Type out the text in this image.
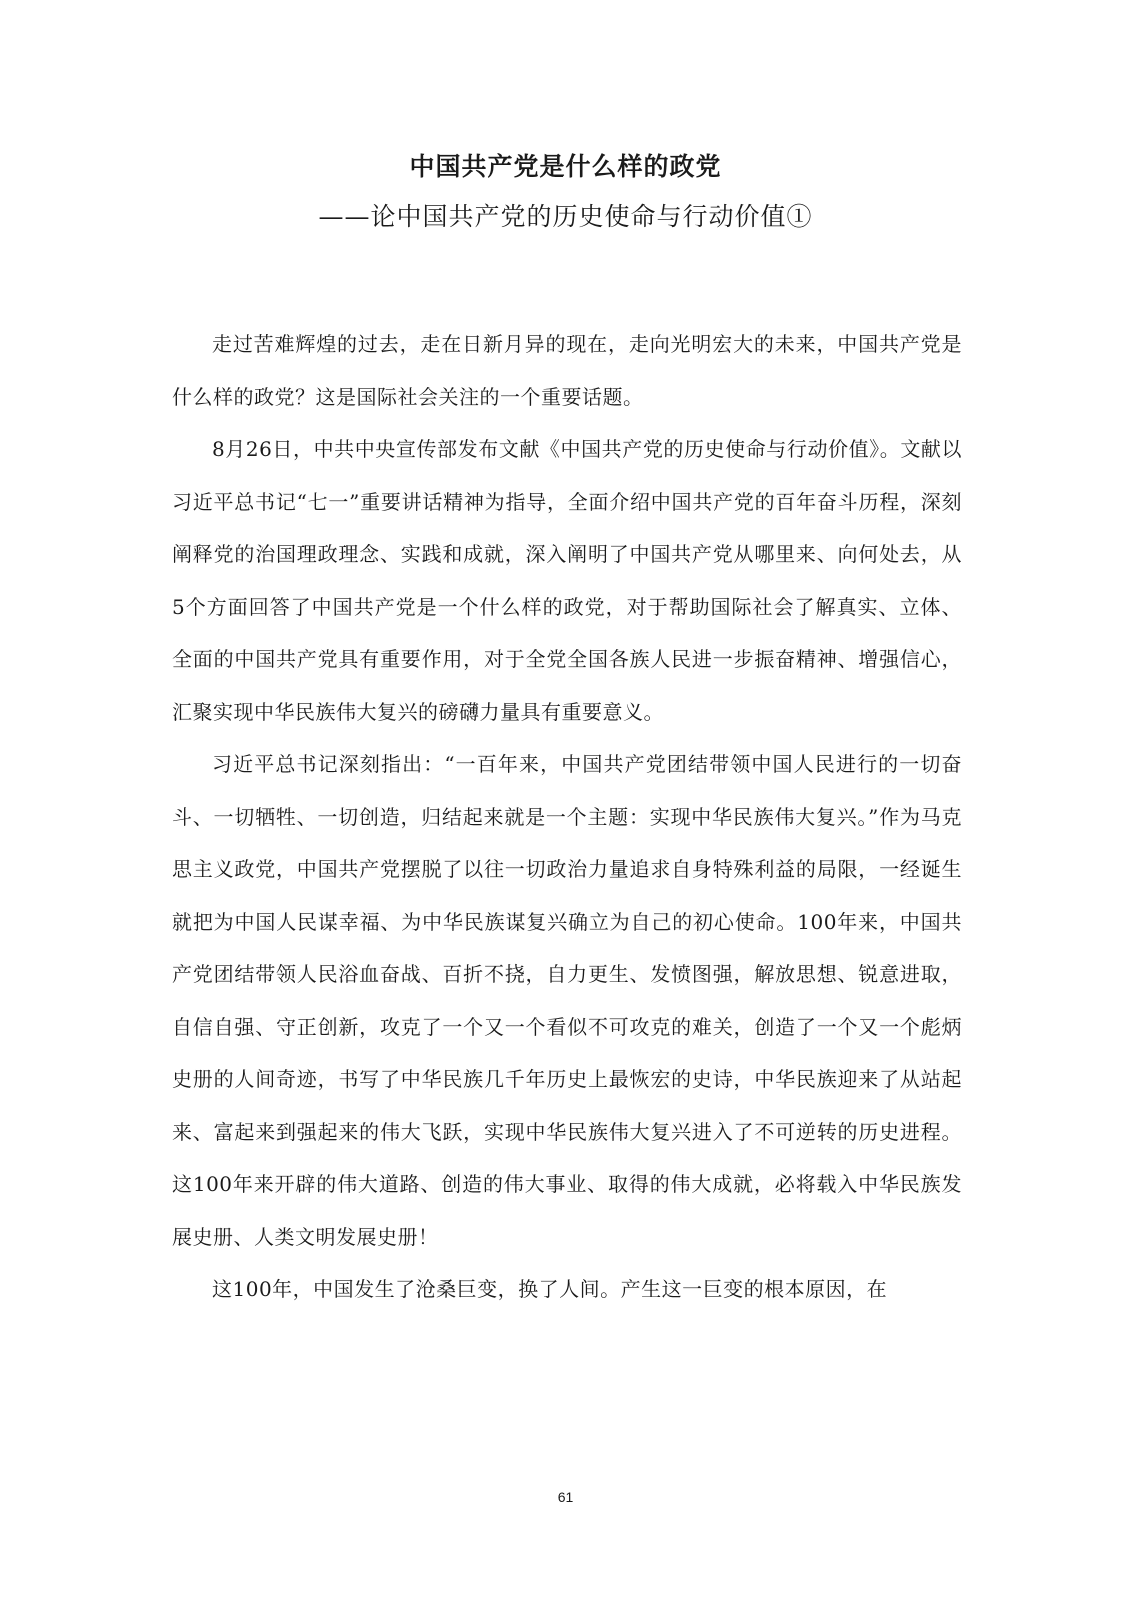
中国共产党是什么样的政党
——论中国共产党的历史使命与行动价值①

走过苦难辉煌的过去，走在日新月异的现在，走向光明宏大的未来，中国共产党是什么样的政党？这是国际社会关注的一个重要话题。

8月26日，中共中央宣传部发布文献《中国共产党的历史使命与行动价值》。文献以习近平总书记“七一”重要讲话精神为指导，全面介绍中国共产党的百年奋斗历程，深刻阐释党的治国理政理念、实践和成就，深入阐明了中国共产党从哪里来、向何处去，从5个方面回答了中国共产党是一个什么样的政党，对于帮助国际社会了解真实、立体、全面的中国共产党具有重要作用，对于全党全国各族人民进一步振奋精神、增强信心，汇聚实现中华民族伟大复兴的磅礴力量具有重要意义。

习近平总书记深刻指出：“一百年来，中国共产党团结带领中国人民进行的一切奋斗、一切牺牲、一切创造，归结起来就是一个主题：实现中华民族伟大复兴。”作为马克思主义政党，中国共产党摆脱了以往一切政治力量追求自身特殊利益的局限，一经诞生就把为中国人民谋幸福、为中华民族谋复兴确立为自己的初心使命。100年来，中国共产党团结带领人民浴血奋战、百折不挠，自力更生、发愤图强，解放思想、锐意进取，自信自强、守正创新，攻克了一个又一个看似不可攻克的难关，创造了一个又一个彪炳史册的人间奇迹，书写了中华民族几千年历史上最恢宏的史诗，中华民族迎来了从站起来、富起来到强起来的伟大飞跃，实现中华民族伟大复兴进入了不可逆转的历史进程。这100年来开辟的伟大道路、创造的伟大事业、取得的伟大成就，必将载入中华民族发展史册、人类文明发展史册！

这100年，中国发生了沧桑巨变，换了人间。产生这一巨变的根本原因，在

61
